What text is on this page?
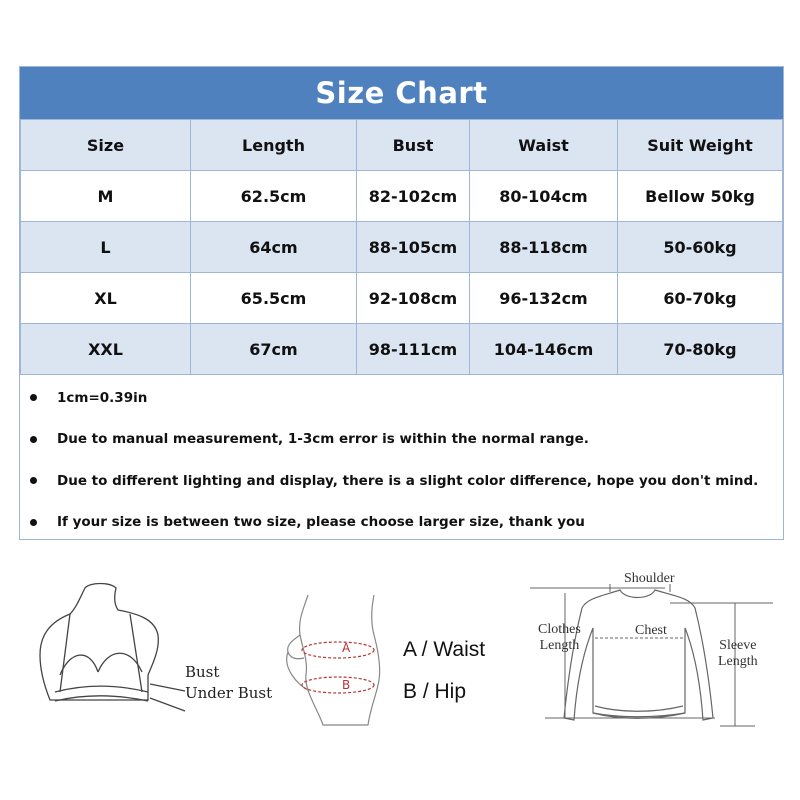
Size Chart
Size	Length	Bust	Waist	Suit Weight
M	62.5cm	82-102cm	80-104cm	Bellow 50kg
L	64cm	88-105cm	88-118cm	50-60kg
XL	65.5cm	92-108cm	96-132cm	60-70kg
XXL	67cm	98-111cm	104-146cm	70-80kg
1cm=0.39in
Due to manual measurement, 1-3cm error is within the normal range.
Due to different lighting and display, there is a slight color difference, hope you don't mind.
If your size is between two size, please choose larger size, thank you
Bust
Under Bust
A
B
A / Waist
B / Hip
Shoulder
Chest
Clothes
Length	Sleeve
Length
